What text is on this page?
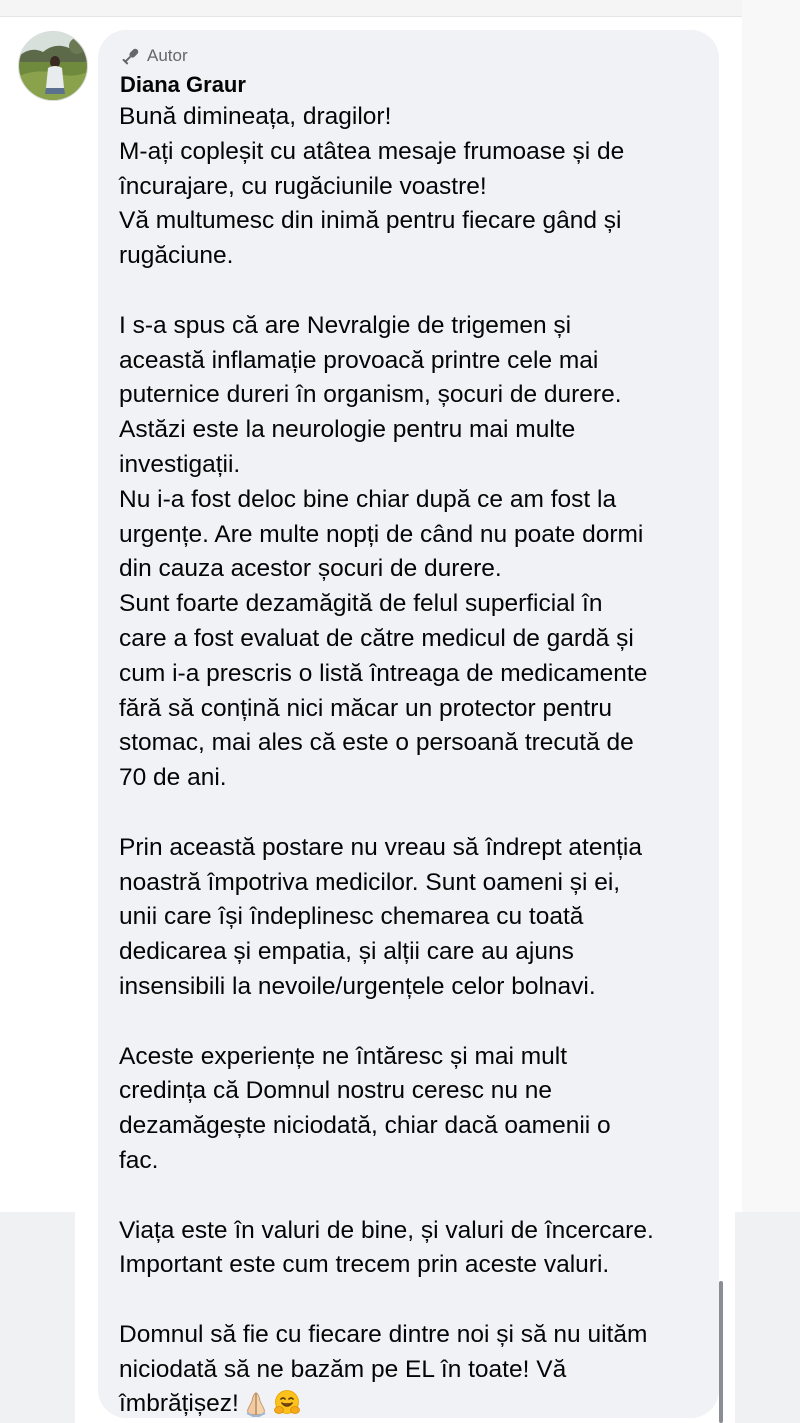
Autor
Diana Graur

Bună dimineața, dragilor!
M-ați copleșit cu atâtea mesaje frumoase și de
încurajare, cu rugăciunile voastre!
Vă multumesc din inimă pentru fiecare gând și
rugăciune.

I s-a spus că are Nevralgie de trigemen și
această inflamație provoacă printre cele mai
puternice dureri în organism, șocuri de durere.
Astăzi este la neurologie pentru mai multe
investigații.
Nu i-a fost deloc bine chiar după ce am fost la
urgențe. Are multe nopți de când nu poate dormi
din cauza acestor șocuri de durere.
Sunt foarte dezamăgită de felul superficial în
care a fost evaluat de către medicul de gardă și
cum i-a prescris o listă întreaga de medicamente
fără să conțină nici măcar un protector pentru
stomac, mai ales că este o persoană trecută de
70 de ani.

Prin această postare nu vreau să îndrept atenția
noastră împotriva medicilor. Sunt oameni și ei,
unii care își îndeplinesc chemarea cu toată
dedicarea și empatia, și alții care au ajuns
insensibili la nevoile/urgențele celor bolnavi.

Aceste experiențe ne întăresc și mai mult
credința că Domnul nostru ceresc nu ne
dezamăgește niciodată, chiar dacă oamenii o
fac.

Viața este în valuri de bine, și valuri de încercare.
Important este cum trecem prin aceste valuri.

Domnul să fie cu fiecare dintre noi și să nu uităm
niciodată să ne bazăm pe EL în toate! Vă
îmbrățișez!
